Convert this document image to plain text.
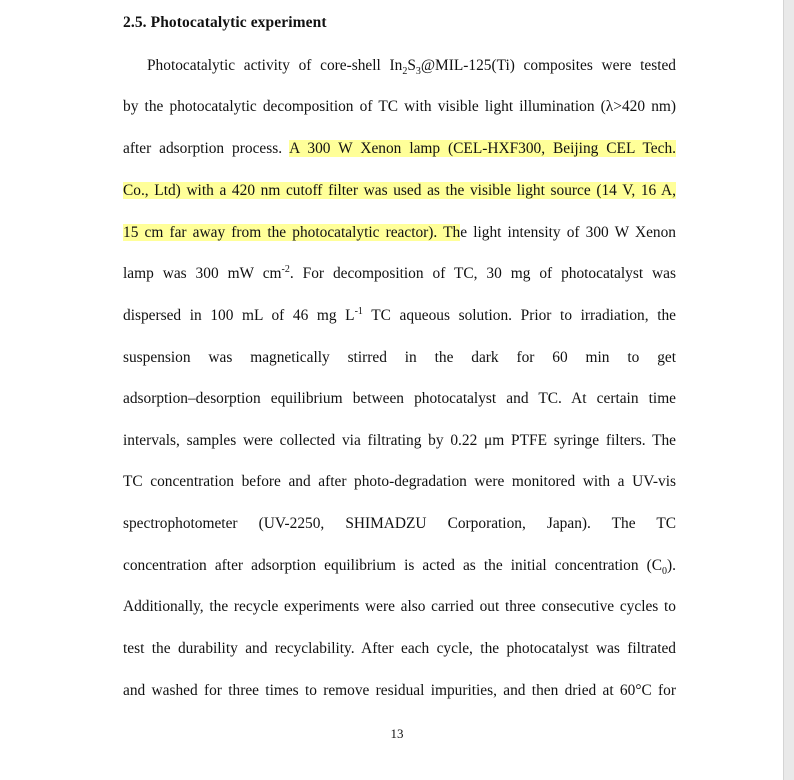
2.5. Photocatalytic experiment
Photocatalytic activity of core-shell $In_2S_3@MIL-125(Ti)$ composites were tested
by the photocatalytic decomposition of TC with visible light illumination (λ>420 nm)
after adsorption process. A 300 W Xenon lamp (CEL-HXF300, Beijing CEL Tech.
Co., Ltd) with a 420 nm cutoff filter was used as the visible light source (14 V, 16 A,
15 cm far away from the photocatalytic reactor). The light intensity of 300 W Xenon
lamp was 300 mW $cm^{-2}$. For decomposition of TC, 30 mg of photocatalyst was
dispersed in 100 mL of 46 mg $L^{-1}$ TC aqueous solution. Prior to irradiation, the
suspension was magnetically stirred in the dark for 60 min to get
adsorption–desorption equilibrium between photocatalyst and TC. At certain time
intervals, samples were collected via filtrating by 0.22 μm PTFE syringe filters. The
TC concentration before and after photo-degradation were monitored with a UV-vis
spectrophotometer (UV-2250, SHIMADZU Corporation, Japan). The TC
concentration after adsorption equilibrium is acted as the initial concentration $(C_0)$.
Additionally, the recycle experiments were also carried out three consecutive cycles to
test the durability and recyclability. After each cycle, the photocatalyst was filtrated
and washed for three times to remove residual impurities, and then dried at 60°C for
13
